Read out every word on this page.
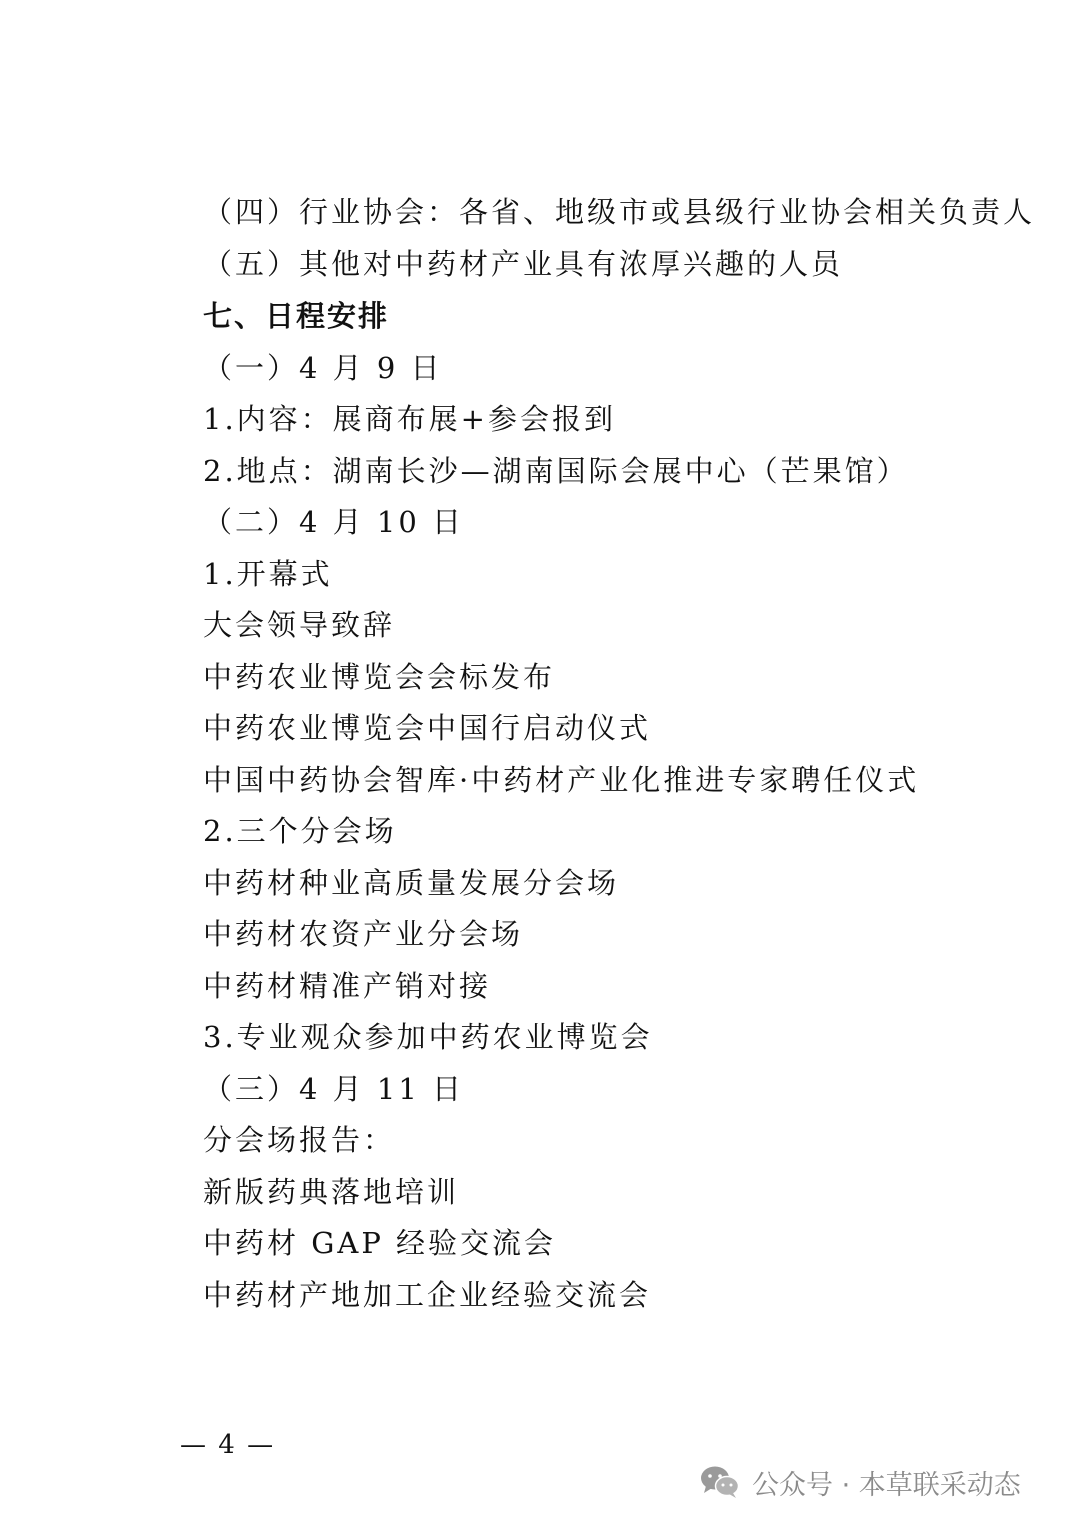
（四）行业协会：各省、地级市或县级行业协会相关负责人
（五）其他对中药材产业具有浓厚兴趣的人员
七、日程安排
（一）4 月 9 日
1.内容：展商布展+参会报到
2.地点：湖南长沙—湖南国际会展中心（芒果馆）
（二）4 月 10 日
1.开幕式
大会领导致辞
中药农业博览会会标发布
中药农业博览会中国行启动仪式
中国中药协会智库·中药材产业化推进专家聘任仪式
2.三个分会场
中药材种业高质量发展分会场
中药材农资产业分会场
中药材精准产销对接
3.专业观众参加中药农业博览会
（三）4 月 11 日
分会场报告：
新版药典落地培训
中药材 GAP 经验交流会
中药材产地加工企业经验交流会
— 4 —
公众号 · 本草联采动态
